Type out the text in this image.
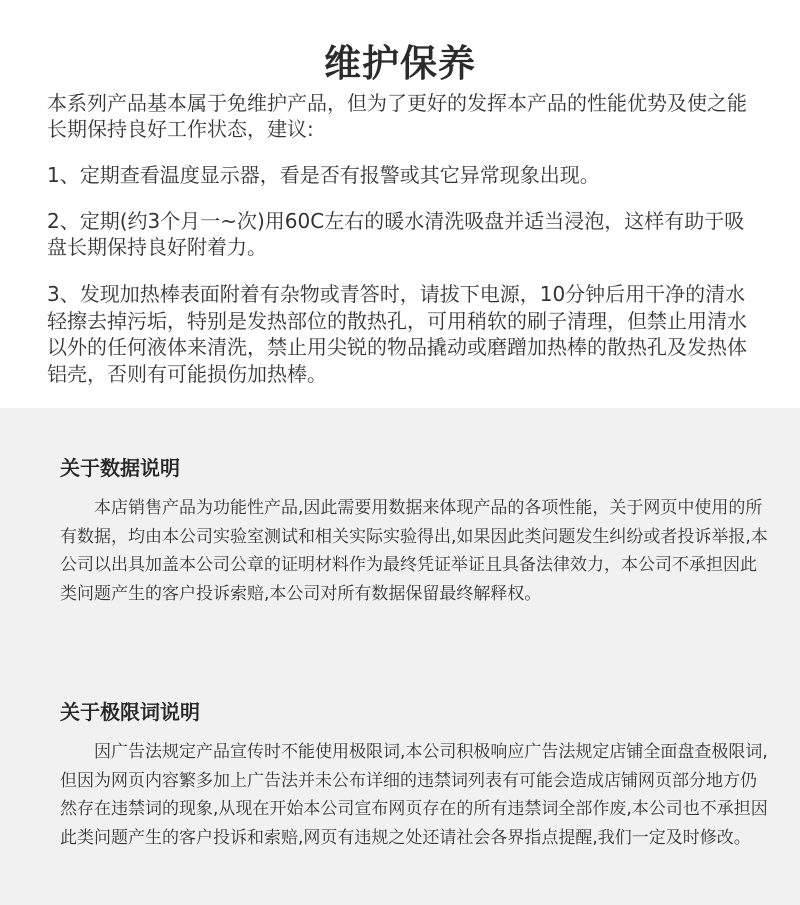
维护保养

本系列产品基本属于免维护产品，但为了更好的发挥本产品的性能优势及使之能长期保持良好工作状态，建议:

1、定期查看温度显示器，看是否有报警或其它异常现象出现。

2、定期(约3个月一~次)用60C左右的暖水清洗吸盘并适当浸泡，这样有助于吸盘长期保持良好附着力。

3、发现加热棒表面附着有杂物或青答时，请拔下电源，10分钟后用干净的清水轻擦去掉污垢，特别是发热部位的散热孔，可用稍软的刷子清理，但禁止用清水以外的任何液体来清洗，禁止用尖锐的物品撬动或磨蹭加热棒的散热孔及发热体铝壳，否则有可能损伤加热棒。

关于数据说明

本店销售产品为功能性产品,因此需要用数据来体现产品的各项性能，关于网页中使用的所有数据，均由本公司实验室测试和相关实际实验得出,如果因此类问题发生纠纷或者投诉举报,本公司以出具加盖本公司公章的证明材料作为最终凭证举证且具备法律效力，本公司不承担因此类问题产生的客户投诉索赔,本公司对所有数据保留最终解释权。

关于极限词说明

因广告法规定产品宣传时不能使用极限词,本公司积极响应广告法规定店铺全面盘查极限词,但因为网页内容繁多加上广告法并未公布详细的违禁词列表有可能会造成店铺网页部分地方仍然存在违禁词的现象,从现在开始本公司宣布网页存在的所有违禁词全部作废,本公司也不承担因此类问题产生的客户投诉和索赔,网页有违规之处还请社会各界指点提醒,我们一定及时修改。
